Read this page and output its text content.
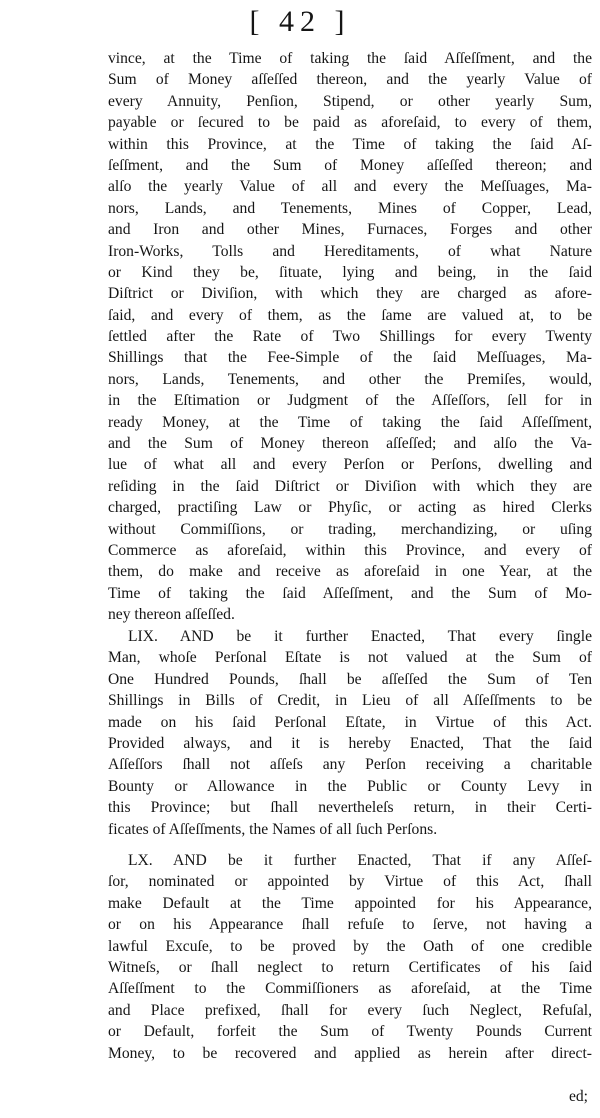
[ 42 ]
vince, at the Time of taking the ſaid Aſſeſſment, and the
Sum of Money aſſeſſed thereon, and the yearly Value of
every Annuity, Penſion, Stipend, or other yearly Sum,
payable or ſecured to be paid as aforeſaid, to every of them,
within this Province, at the Time of taking the ſaid Aſ-
ſeſſment, and the Sum of Money aſſeſſed thereon; and
alſo the yearly Value of all and every the Meſſuages, Ma-
nors, Lands, and Tenements, Mines of Copper, Lead,
and Iron and other Mines, Furnaces, Forges and other
Iron-Works, Tolls and Hereditaments, of what Nature
or Kind they be, ſituate, lying and being, in the ſaid
Diſtrict or Diviſion, with which they are charged as afore-
ſaid, and every of them, as the ſame are valued at, to be
ſettled after the Rate of Two Shillings for every Twenty
Shillings that the Fee-Simple of the ſaid Meſſuages, Ma-
nors, Lands, Tenements, and other the Premiſes, would,
in the Eſtimation or Judgment of the Aſſeſſors, ſell for in
ready Money, at the Time of taking the ſaid Aſſeſſment,
and the Sum of Money thereon aſſeſſed; and alſo the Va-
lue of what all and every Perſon or Perſons, dwelling and
reſiding in the ſaid Diſtrict or Diviſion with which they are
charged, practiſing Law or Phyſic, or acting as hired Clerks
without Commiſſions, or trading, merchandizing, or uſing
Commerce as aforeſaid, within this Province, and every of
them, do make and receive as aforeſaid in one Year, at the
Time of taking the ſaid Aſſeſſment, and the Sum of Mo-
ney thereon aſſeſſed.
LIX. AND be it further Enacted, That every ſingle
Man, whoſe Perſonal Eſtate is not valued at the Sum of
One Hundred Pounds, ſhall be aſſeſſed the Sum of Ten
Shillings in Bills of Credit, in Lieu of all Aſſeſſments to be
made on his ſaid Perſonal Eſtate, in Virtue of this Act.
Provided always, and it is hereby Enacted, That the ſaid
Aſſeſſors ſhall not aſſeſs any Perſon receiving a charitable
Bounty or Allowance in the Public or County Levy in
this Province; but ſhall nevertheleſs return, in their Certi-
ficates of Aſſeſſments, the Names of all ſuch Perſons.
LX. AND be it further Enacted, That if any Aſſeſ-
ſor, nominated or appointed by Virtue of this Act, ſhall
make Default at the Time appointed for his Appearance,
or on his Appearance ſhall refuſe to ſerve, not having a
lawful Excuſe, to be proved by the Oath of one credible
Witneſs, or ſhall neglect to return Certificates of his ſaid
Aſſeſſment to the Commiſſioners as aforeſaid, at the Time
and Place prefixed, ſhall for every ſuch Neglect, Refuſal,
or Default, forfeit the Sum of Twenty Pounds Current
Money, to be recovered and applied as herein after direct-
ed;
